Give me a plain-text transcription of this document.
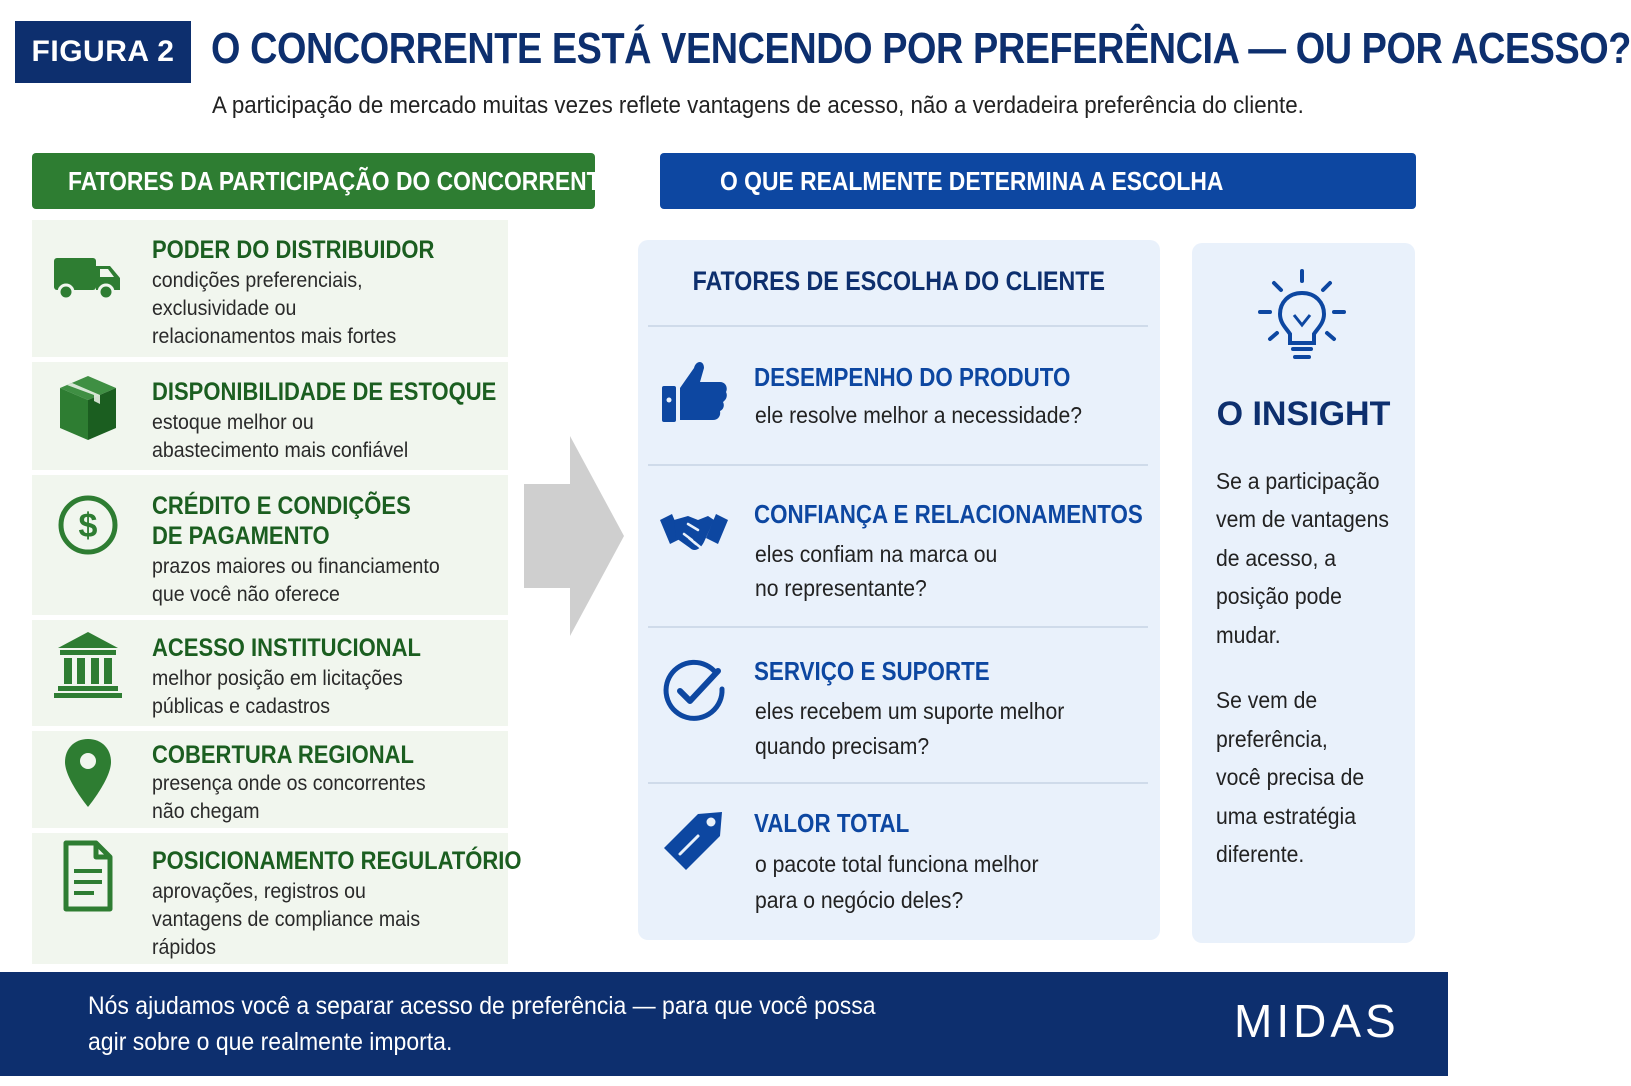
FIGURA 2 O CONCORRENTE ESTÁ VENCENDO POR PREFERÊNCIA — OU POR ACESSO?
A participação de mercado muitas vezes reflete vantagens de acesso, não a verdadeira preferência do cliente.
FATORES DA PARTICIPAÇÃO DO CONCORRENTE	O QUE REALMENTE DETERMINA A ESCOLHA
PODER DO DISTRIBUIDOR
condições preferenciais,
exclusividade ou
relacionamentos mais fortes
DISPONIBILIDADE DE ESTOQUE
estoque melhor ou
abastecimento mais confiável
$
CRÉDITO E CONDIÇÕES
DE PAGAMENTO
prazos maiores ou financiamento
que você não oferece
ACESSO INSTITUCIONAL
melhor posição em licitações
públicas e cadastros
COBERTURA REGIONAL
presença onde os concorrentes
não chegam
POSICIONAMENTO REGULATÓRIO
aprovações, registros ou
vantagens de compliance mais
rápidos
FATORES DE ESCOLHA DO CLIENTE
DESEMPENHO DO PRODUTO
ele resolve melhor a necessidade?
CONFIANÇA E RELACIONAMENTOS
eles confiam na marca ou
no representante?
SERVIÇO E SUPORTE
eles recebem um suporte melhor
quando precisam?
VALOR TOTAL
o pacote total funciona melhor
para o negócio deles?
O INSIGHT
Se a participação
vem de vantagens
de acesso, a
posição pode
mudar.
Se vem de
preferência,
você precisa de
uma estratégia
diferente.
Nós ajudamos você a separar acesso de preferência — para que você possa
agir sobre o que realmente importa.	MIDAS
